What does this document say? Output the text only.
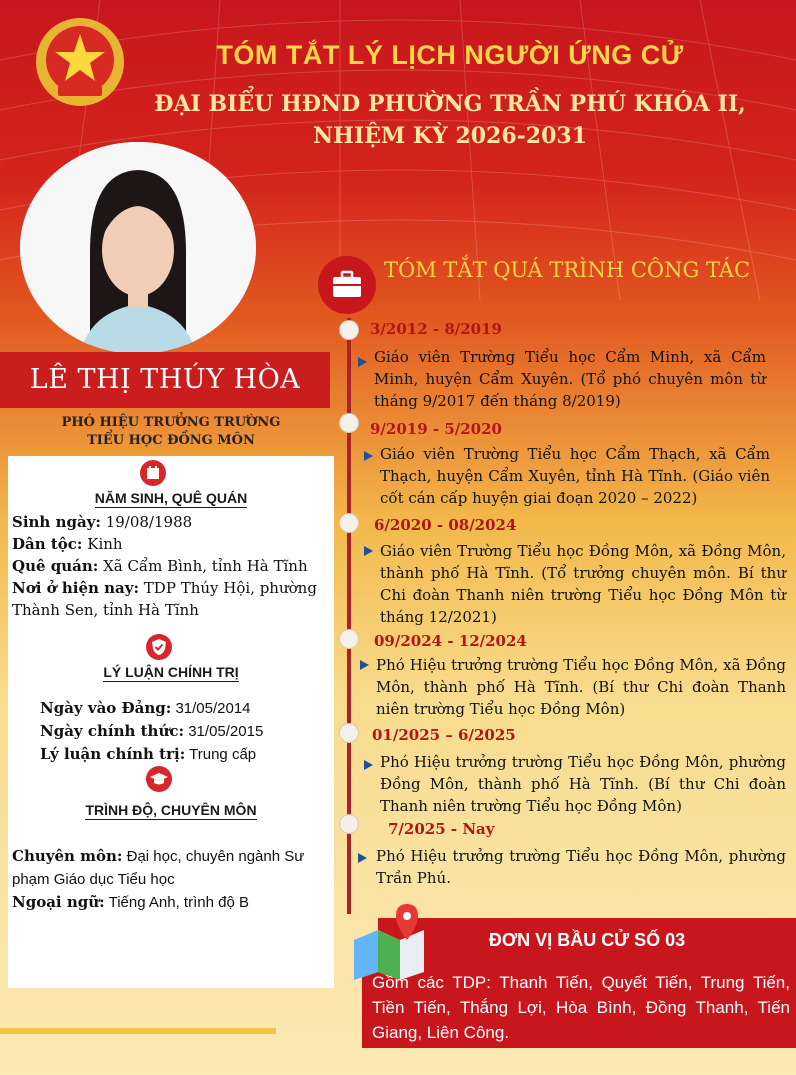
TÓM TẮT LÝ LỊCH NGƯỜI ỨNG CỬ
ĐẠI BIỂU HĐND PHƯỜNG TRẦN PHÚ KHÓA II,
NHIỆM KỲ 2026-2031
LÊ THỊ THÚY HÒA
PHÓ HIỆU TRƯỞNG TRƯỜNG
TIỂU HỌC ĐỒNG MÔN
NĂM SINH, QUÊ QUÁN
Sinh ngày: 19/08/1988
Dân tộc: Kinh
Quê quán: Xã Cẩm Bình, tỉnh Hà Tĩnh
Nơi ở hiện nay: TDP Thúy Hội, phường Thành Sen, tỉnh Hà Tĩnh
LÝ LUẬN CHÍNH TRỊ
Ngày vào Đảng: 31/05/2014
Ngày chính thức: 31/05/2015
Lý luận chính trị: Trung cấp
TRÌNH ĐỘ, CHUYÊN MÔN
Chuyên môn: Đại học, chuyên ngành Sư phạm Giáo dục Tiểu học
Ngoại ngữ: Tiếng Anh, trình độ B
TÓM TẮT QUÁ TRÌNH CÔNG TÁC
3/2012 - 8/2019
Giáo viên Trường Tiểu học Cẩm Minh, xã Cẩm Minh, huyện Cẩm Xuyên. (Tổ phó chuyên môn từ tháng 9/2017 đến tháng 8/2019)
9/2019 - 5/2020
Giáo viên Trường Tiểu học Cẩm Thạch, xã Cẩm Thạch, huyện Cẩm Xuyên, tỉnh Hà Tĩnh. (Giáo viên cốt cán cấp huyện giai đoạn 2020 – 2022)
6/2020 - 08/2024
Giáo viên Trường Tiểu học Đồng Môn, xã Đồng Môn, thành phố Hà Tĩnh. (Tổ trưởng chuyên môn. Bí thư Chi đoàn Thanh niên trường Tiểu học Đồng Môn từ tháng 12/2021)
09/2024 - 12/2024
Phó Hiệu trưởng trường Tiểu học Đồng Môn, xã Đồng Môn, thành phố Hà Tĩnh. (Bí thư Chi đoàn Thanh niên trường Tiểu học Đồng Môn)
01/2025 – 6/2025
Phó Hiệu trưởng trường Tiểu học Đồng Môn, phường Đồng Môn, thành phố Hà Tĩnh. (Bí thư Chi đoàn Thanh niên trường Tiểu học Đồng Môn)
7/2025 - Nay
Phó Hiệu trưởng trường Tiểu học Đồng Môn, phường Trần Phú.
ĐƠN VỊ BẦU CỬ SỐ 03
Gồm các TDP: Thanh Tiến, Quyết Tiến, Trung Tiến, Tiền Tiến, Thắng Lợi, Hòa Bình, Đồng Thanh, Tiến Giang, Liên Công.
